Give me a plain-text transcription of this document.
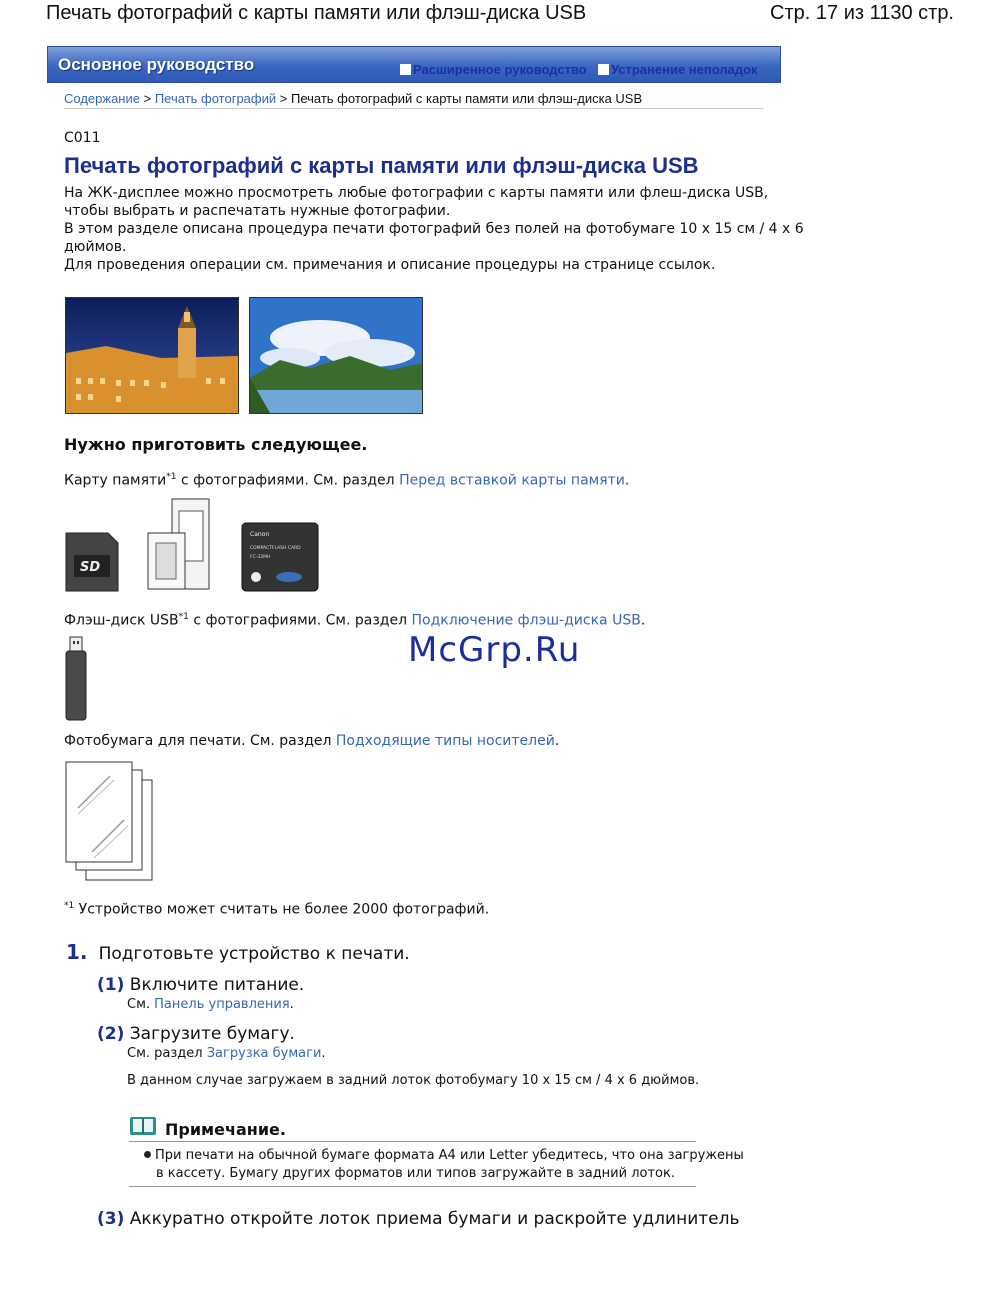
Печать фотографий с карты памяти или флэш-диска USB	Стр. 17 из 1130 стр.
Основное руководство	Расширенное руководство	Устранение неполадок
Содержание > Печать фотографий > Печать фотографий с карты памяти или флэш-диска USB
C011
Печать фотографий с карты памяти или флэш-диска USB
На ЖК-дисплее можно просмотреть любые фотографии с карты памяти или флеш-диска USB,
чтобы выбрать и распечатать нужные фотографии.
В этом разделе описана процедура печати фотографий без полей на фотобумаге 10 x 15 см / 4 x 6
дюймов.
Для проведения операции см. примечания и описание процедуры на странице ссылок.
Нужно приготовить следующее.
Карту памяти$^{*1}$ с фотографиями. См. раздел Перед вставкой карты памяти.
SD
Canon
COMPACTFLASH CARD
FC-32MH
Флэш-диск USB$^{*1}$ с фотографиями. См. раздел Подключение флэш-диска USB.
McGrp.Ru
Фотобумага для печати. См. раздел Подходящие типы носителей.
$^{*1}$ Устройство может считать не более 2000 фотографий.
1. Подготовьте устройство к печати.
(1) Включите питание.
См. Панель управления.
(2) Загрузите бумагу.
См. раздел Загрузка бумаги.
В данном случае загружаем в задний лоток фотобумагу 10 x 15 см / 4 x 6 дюймов.
Примечание.
При печати на обычной бумаге формата A4 или Letter убедитесь, что она загружены
в кассету. Бумагу других форматов или типов загружайте в задний лоток.
(3) Аккуратно откройте лоток приема бумаги и раскройте удлинитель
